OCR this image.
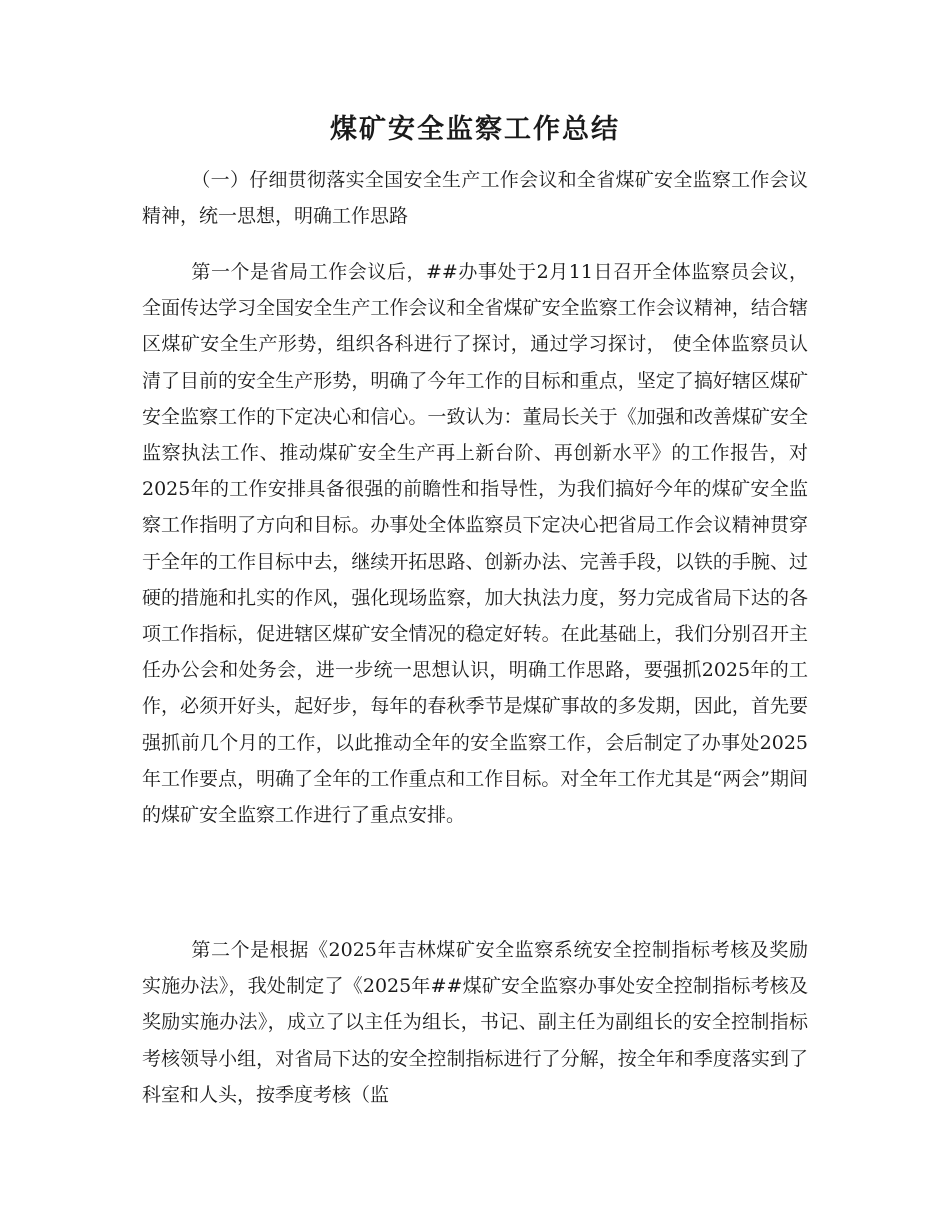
煤矿安全监察工作总结

（一）仔细贯彻落实全国安全生产工作会议和全省煤矿安全监察工作会议精神，统一思想，明确工作思路

第一个是省局工作会议后，##办事处于2月11日召开全体监察员会议，全面传达学习全国安全生产工作会议和全省煤矿安全监察工作会议精神，结合辖区煤矿安全生产形势，组织各科进行了探讨，通过学习探讨， 使全体监察员认清了目前的安全生产形势，明确了今年工作的目标和重点，坚定了搞好辖区煤矿安全监察工作的下定决心和信心。一致认为：董局长关于《加强和改善煤矿安全监察执法工作、推动煤矿安全生产再上新台阶、再创新水平》的工作报告，对2025年的工作安排具备很强的前瞻性和指导性，为我们搞好今年的煤矿安全监察工作指明了方向和目标。办事处全体监察员下定决心把省局工作会议精神贯穿于全年的工作目标中去，继续开拓思路、创新办法、完善手段，以铁的手腕、过硬的措施和扎实的作风，强化现场监察，加大执法力度，努力完成省局下达的各项工作指标，促进辖区煤矿安全情况的稳定好转。在此基础上，我们分别召开主任办公会和处务会，进一步统一思想认识，明确工作思路，要强抓2025年的工作，必须开好头，起好步，每年的春秋季节是煤矿事故的多发期，因此，首先要强抓前几个月的工作，以此推动全年的安全监察工作，会后制定了办事处2025年工作要点，明确了全年的工作重点和工作目标。对全年工作尤其是“两会”期间的煤矿安全监察工作进行了重点安排。

第二个是根据《2025年吉林煤矿安全监察系统安全控制指标考核及奖励实施办法》，我处制定了《2025年##煤矿安全监察办事处安全控制指标考核及奖励实施办法》，成立了以主任为组长，书记、副主任为副组长的安全控制指标考核领导小组，对省局下达的安全控制指标进行了分解，按全年和季度落实到了科室和人头，按季度考核（监
